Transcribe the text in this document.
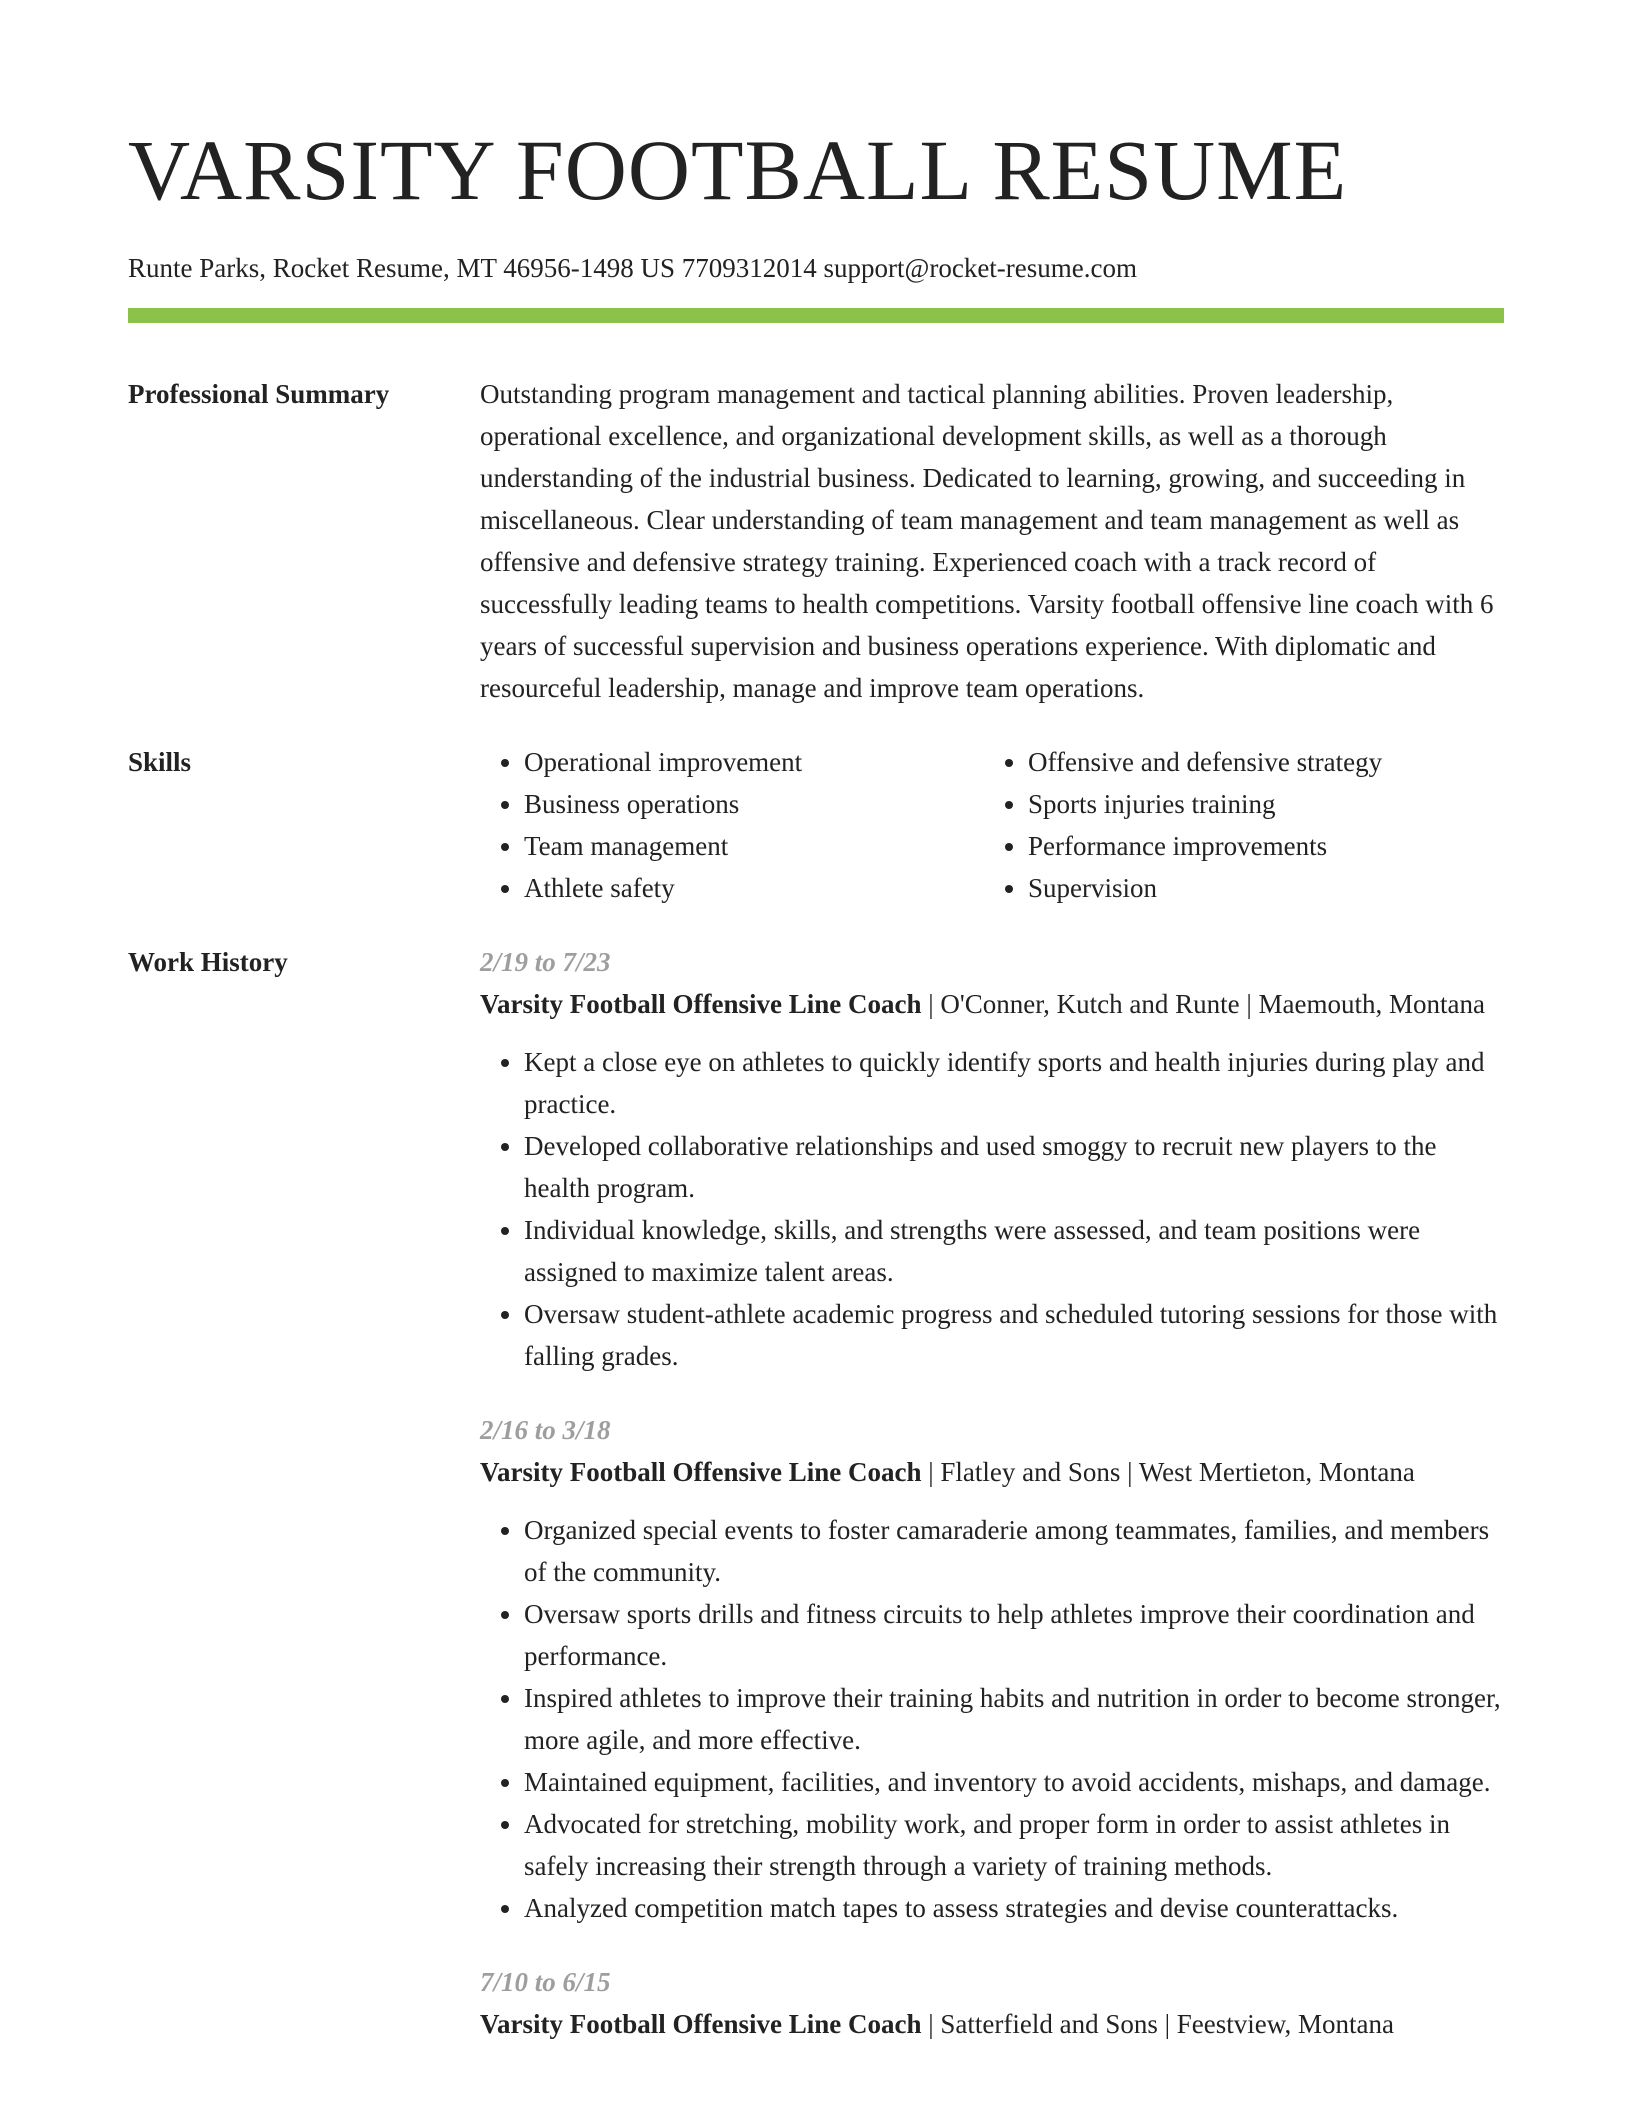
VARSITY FOOTBALL RESUME
Runte Parks, Rocket Resume, MT 46956-1498 US 7709312014 support@rocket-resume.com
Professional Summary	Outstanding program management and tactical planning abilities. Proven leadership, operational excellence, and organizational development skills, as well as a thorough understanding of the industrial business. Dedicated to learning, growing, and succeeding in miscellaneous. Clear understanding of team management and team management as well as offensive and defensive strategy training. Experienced coach with a track record of successfully leading teams to health competitions. Varsity football offensive line coach with 6 years of successful supervision and business operations experience. With diplomatic and resourceful leadership, manage and improve team operations.

Skills
•	Operational improvement
• Business operations
• Team management
• Athlete safety
• Offensive and defensive strategy
• Sports injuries training
• Performance improvements
• Supervision
Work History	2/19 to 7/23

Varsity Football Offensive Line Coach | O'Conner, Kutch and Runte | Maemouth, Montana

• Kept a close eye on athletes to quickly identify sports and health injuries during play and practice.
• Developed collaborative relationships and used smoggy to recruit new players to the health program.
• Individual knowledge, skills, and strengths were assessed, and team positions were assigned to maximize talent areas.
• Oversaw student-athlete academic progress and scheduled tutoring sessions for those with falling grades.
2/16 to 3/18

Varsity Football Offensive Line Coach | Flatley and Sons | West Mertieton, Montana

• Organized special events to foster camaraderie among teammates, families, and members of the community.
• Oversaw sports drills and fitness circuits to help athletes improve their coordination and performance.
• Inspired athletes to improve their training habits and nutrition in order to become stronger, more agile, and more effective.
• Maintained equipment, facilities, and inventory to avoid accidents, mishaps, and damage.
• Advocated for stretching, mobility work, and proper form in order to assist athletes in safely increasing their strength through a variety of training methods.
• Analyzed competition match tapes to assess strategies and devise counterattacks.
7/10 to 6/15

Varsity Football Offensive Line Coach | Satterfield and Sons | Feestview, Montana
